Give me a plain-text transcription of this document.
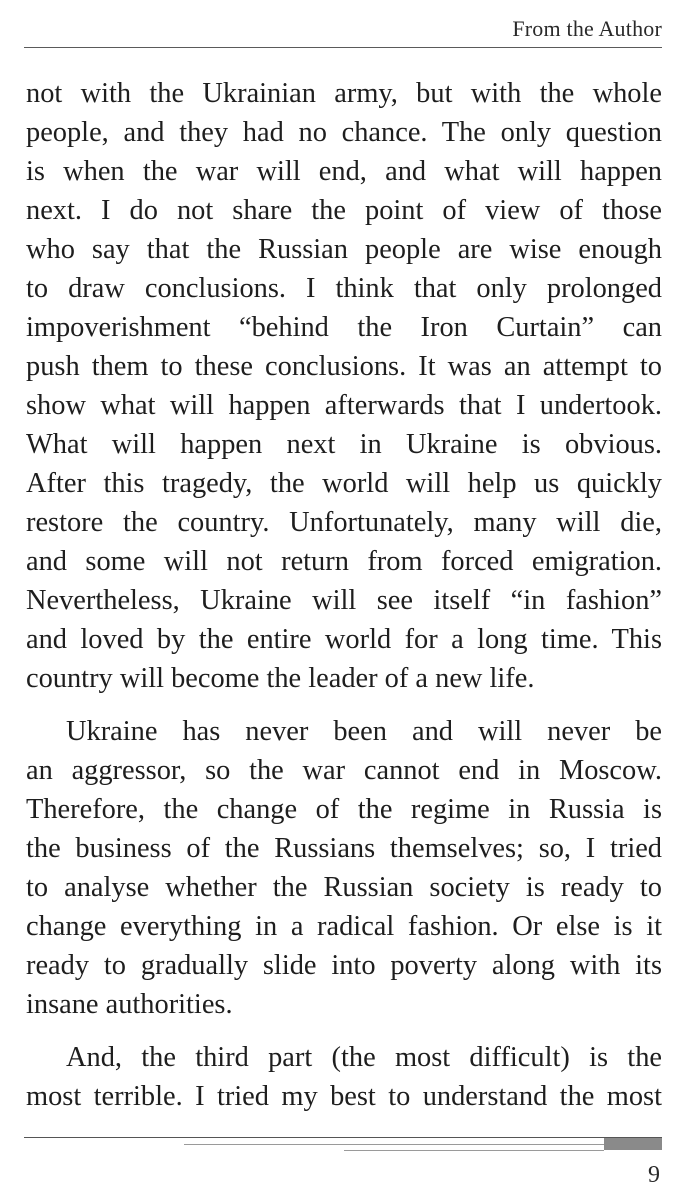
From the Author

not with the Ukrainian army, but with the whole
people, and they had no chance. The only question
is when the war will end, and what will happen
next. I do not share the point of view of those
who say that the Russian people are wise enough
to draw conclusions. I think that only prolonged
impoverishment “behind the Iron Curtain” can
push them to these conclusions. It was an attempt to
show what will happen afterwards that I undertook.
What will happen next in Ukraine is obvious.
After this tragedy, the world will help us quickly
restore the country. Unfortunately, many will die,
and some will not return from forced emigration.
Nevertheless, Ukraine will see itself “in fashion”
and loved by the entire world for a long time. This
country will become the leader of a new life.

Ukraine has never been and will never be
an aggressor, so the war cannot end in Moscow.
Therefore, the change of the regime in Russia is
the business of the Russians themselves; so, I tried
to analyse whether the Russian society is ready to
change everything in a radical fashion. Or else is it
ready to gradually slide into poverty along with its
insane authorities.

And, the third part (the most difficult) is the
most terrible. I tried my best to understand the most

9
